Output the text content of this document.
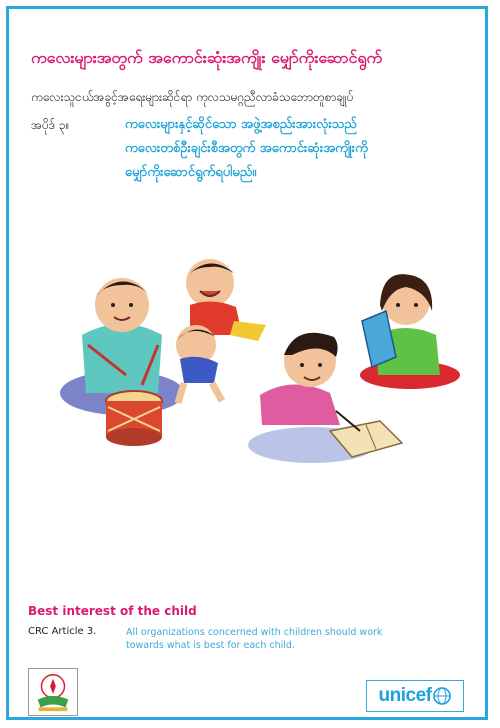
ကလေးများအတွက် အကောင်းဆုံးအကျိုး မျှော်ကိုးဆောင်ရွက်
ကလေးသူငယ်အခွင့်အရေးများဆိုင်ရာ ကုလသမဂ္ဂညီလာခံသဘောတူစာချုပ်
အပိုဒ် ၃။	ကလေးများနှင့်ဆိုင်သော အဖွဲ့အစည်းအားလုံးသည်
ကလေးတစ်ဦးချင်းစီအတွက် အကောင်းဆုံးအကျိုးကို
မျှော်ကိုးဆောင်ရွက်ရပါမည်။
Best interest of the child
CRC Article 3.	All organizations concerned with children should work
towards what is best for each child.
unicef
